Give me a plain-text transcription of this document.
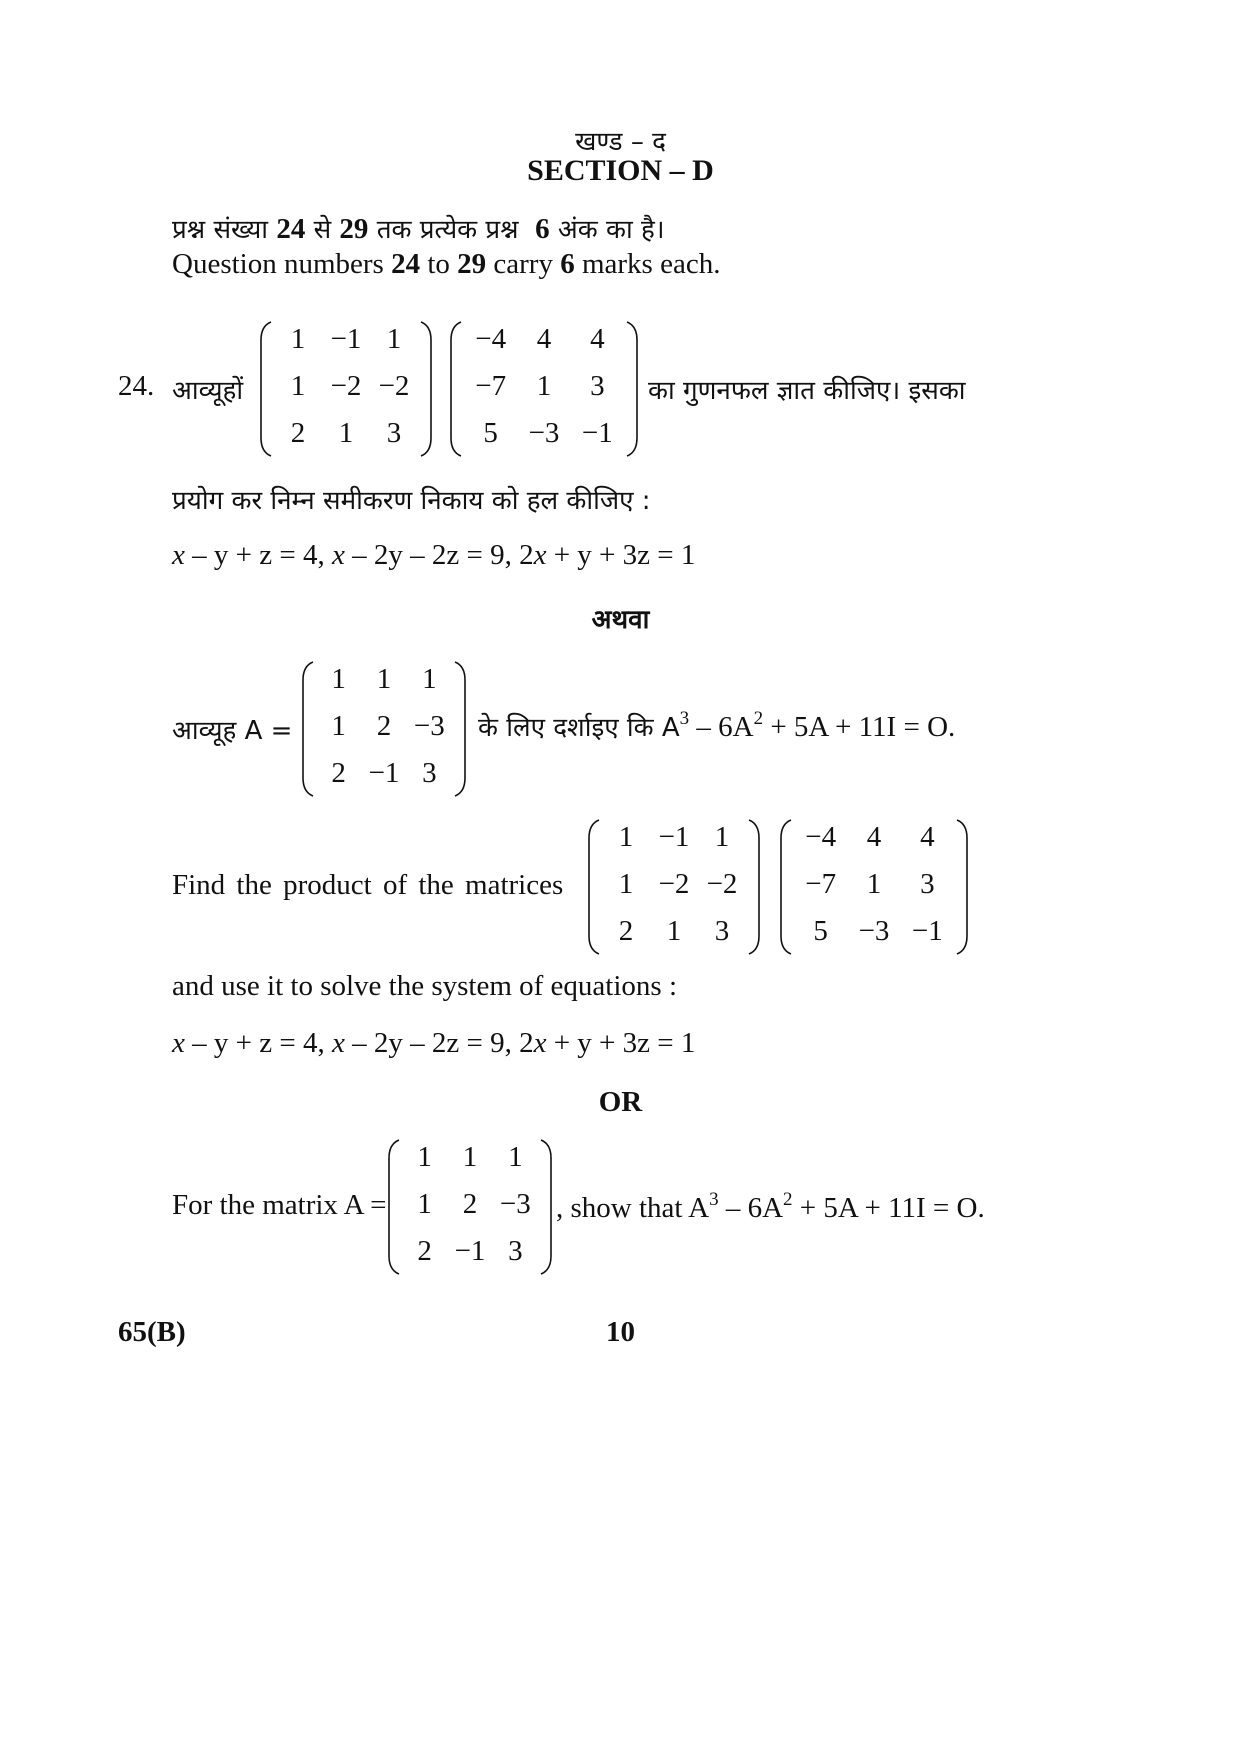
खण्ड – द
SECTION – D
प्रश्न संख्या 24 से 29 तक प्रत्येक प्रश्न 6 अंक का है।
Question numbers 24 to 29 carry 6 marks each.
24. आव्यूहों
1 −1 1
1 −2 −2
2	1	3
−4	4	4
−7	1	3
5	−3 −1
का गुणनफल ज्ञात कीजिए। इसका
प्रयोग कर निम्न समीकरण निकाय को हल कीजिए :
x – y + z = 4, x – 2y – 2z = 9, 2x + y + 3z = 1
अथवा
आव्यूह A =
1	1	1
1	2 −3
2 −1 3
के लिए दर्शाइए कि $A^3 - 6A^2 + 5A + 11I = O$.
Find the product of the matrices
1 −1 1
1 −2 −2
2	1	3
−4	4	4
−7	1	3
5	−3 −1
and use it to solve the system of equations :
x – y + z = 4, x – 2y – 2z = 9, 2x + y + 3z = 1
OR
For the matrix A =
1	1	1
1	2 −3
2 −1 3
, show that $A^3 - 6A^2 + 5A + 11I = O$.
65(B)	10
